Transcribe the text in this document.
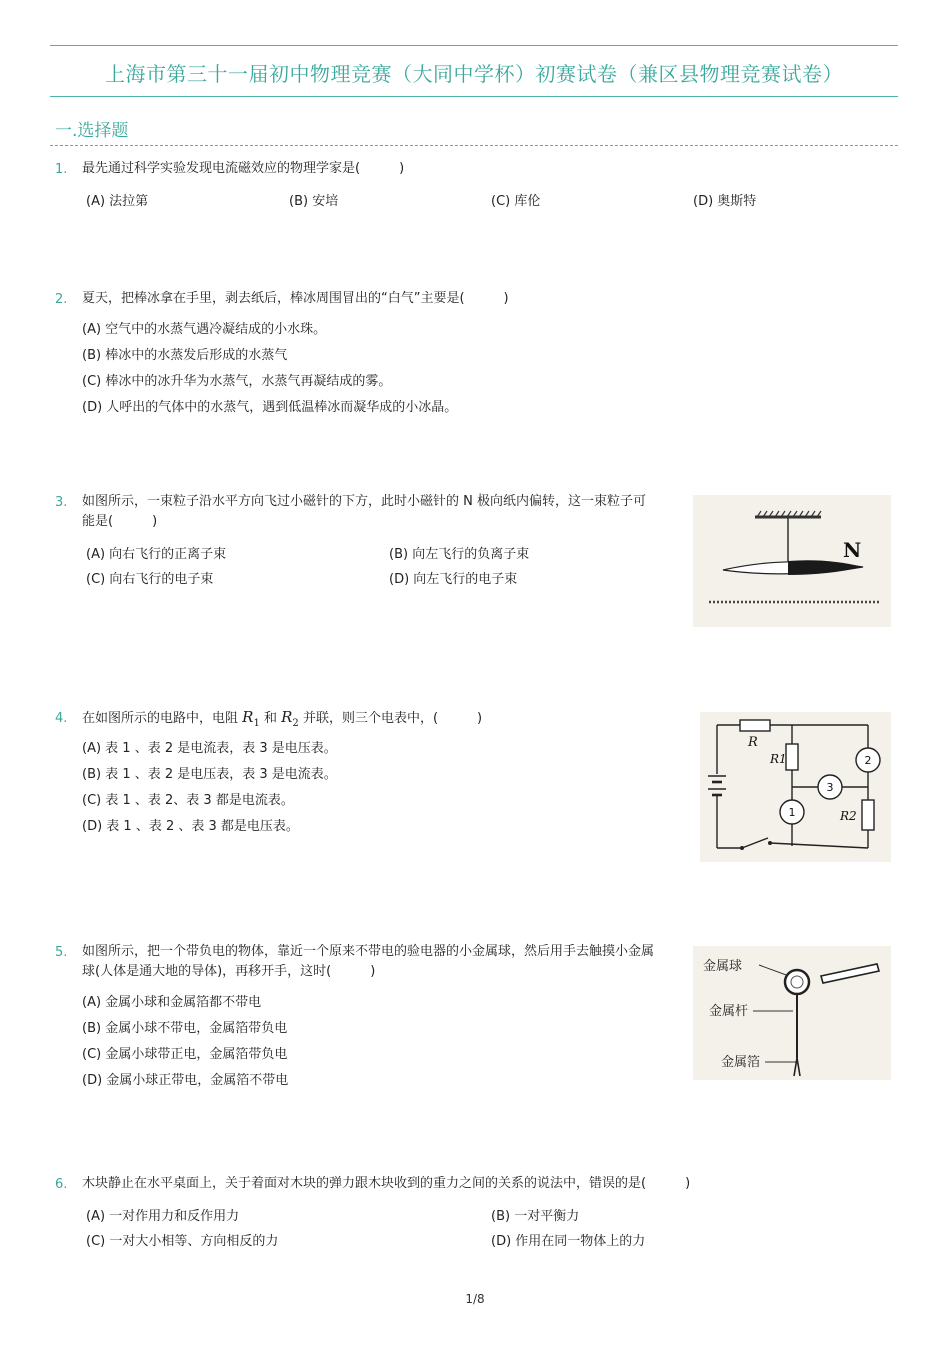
上海市第三十一届初中物理竞赛（大同中学杯）初赛试卷（兼区县物理竞赛试卷）
一.选择题
1. 最先通过科学实验发现电流磁效应的物理学家是(　　　)
(A) 法拉第	(B) 安培	(C) 库伦	(D) 奥斯特
2. 夏天，把棒冰拿在手里，剥去纸后，棒冰周围冒出的“白气”主要是(　　　)
(A) 空气中的水蒸气遇冷凝结成的小水珠。
(B) 棒冰中的水蒸发后形成的水蒸气
(C) 棒冰中的冰升华为水蒸气，水蒸气再凝结成的雾。
(D) 人呼出的气体中的水蒸气，遇到低温棒冰而凝华成的小冰晶。
3. 如图所示，一束粒子沿水平方向飞过小磁针的下方，此时小磁针的 N 极向纸内偏转，这一束粒子可
能是(　　　)
(A) 向右飞行的正离子束	(B) 向左飞行的负离子束
(C) 向右飞行的电子束	(D) 向左飞行的电子束
N
4. 在如图所示的电路中，电阻 $R_1$ 和 $R_2$ 并联，则三个电表中，(　　　)
(A) 表 1 、表 2 是电流表，表 3 是电压表。
(B) 表 1 、表 2 是电压表，表 3 是电流表。
(C) 表 1 、表 2、表 3 都是电流表。
(D) 表 1 、表 2 、表 3 都是电压表。
R
R1
R2
2
3
1
5. 如图所示，把一个带负电的物体，靠近一个原来不带电的验电器的小金属球，然后用手去触摸小金属
球(人体是通大地的导体)，再移开手，这时(　　　)
(A) 金属小球和金属箔都不带电
(B) 金属小球不带电，金属箔带负电
(C) 金属小球带正电，金属箔带负电
(D) 金属小球正带电，金属箔不带电
金属球
金属杆
金属箔
6. 木块静止在水平桌面上，关于着面对木块的弹力跟木块收到的重力之间的关系的说法中，错误的是(　　　)
(A) 一对作用力和反作用力	(B) 一对平衡力
(C) 一对大小相等、方向相反的力	(D) 作用在同一物体上的力
1/8
